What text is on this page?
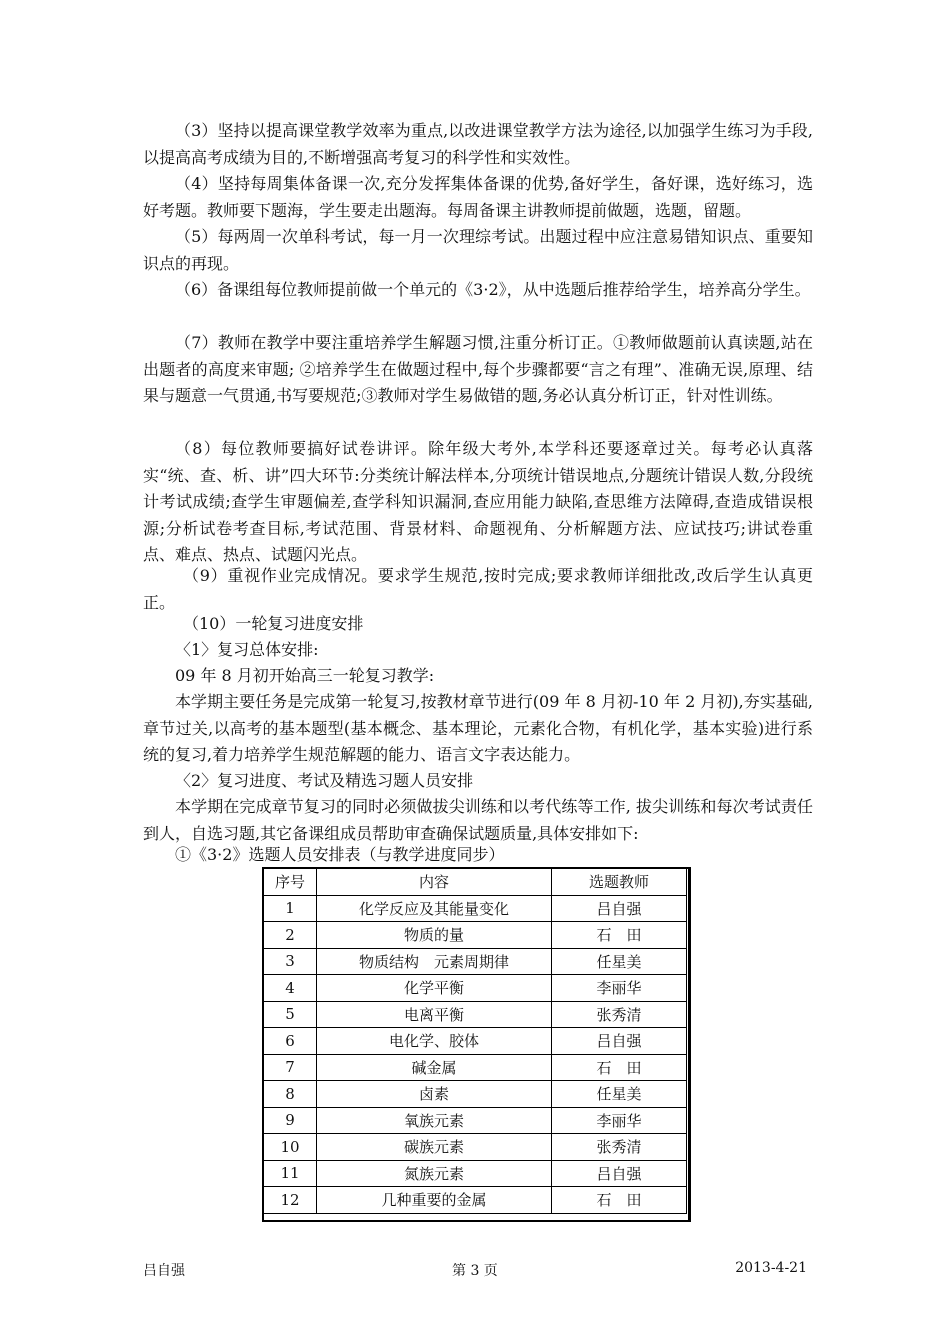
（3）坚持以提高课堂教学效率为重点,以改进课堂教学方法为途径,以加强学生练习为手段,以提高高考成绩为目的,不断增强高考复习的科学性和实效性。

（4）坚持每周集体备课一次,充分发挥集体备课的优势,备好学生，备好课，选好练习，选好考题。教师要下题海，学生要走出题海。每周备课主讲教师提前做题，选题，留题。

（5）每两周一次单科考试，每一月一次理综考试。出题过程中应注意易错知识点、重要知识点的再现。

（6）备课组每位教师提前做一个单元的《3·2》，从中选题后推荐给学生，培养高分学生。

（7）教师在教学中要注重培养学生解题习惯,注重分析订正。①教师做题前认真读题,站在出题者的高度来审题; ②培养学生在做题过程中,每个步骤都要“言之有理”、准确无误,原理、结果与题意一气贯通,书写要规范;③教师对学生易做错的题,务必认真分析订正，针对性训练。

（8）每位教师要搞好试卷讲评。除年级大考外,本学科还要逐章过关。每考必认真落实“统、查、析、讲”四大环节:分类统计解法样本,分项统计错误地点,分题统计错误人数,分段统计考试成绩;查学生审题偏差,查学科知识漏洞,查应用能力缺陷,查思维方法障碍,查造成错误根源;分析试卷考查目标,考试范围、背景材料、命题视角、分析解题方法、应试技巧;讲试卷重点、难点、热点、试题闪光点。

（9）重视作业完成情况。要求学生规范,按时完成;要求教师详细批改,改后学生认真更正。

（10）一轮复习进度安排

〈1〉复习总体安排:

09 年 8 月初开始高三一轮复习教学:

本学期主要任务是完成第一轮复习,按教材章节进行(09 年 8 月初-10 年 2 月初),夯实基础,章节过关,以高考的基本题型(基本概念、基本理论，元素化合物，有机化学，基本实验)进行系统的复习,着力培养学生规范解题的能力、语言文字表达能力。

〈2〉复习进度、考试及精选习题人员安排

本学期在完成章节复习的同时必须做拔尖训练和以考代练等工作, 拔尖训练和每次考试责任到人，自选习题,其它备课组成员帮助审查确保试题质量,具体安排如下:

①《3·2》选题人员安排表（与教学进度同步）

序号	内容	选题教师
1	化学反应及其能量变化	吕自强
2	物质的量	石　田
3	物质结构　元素周期律	任星美
4	化学平衡	李丽华
5	电离平衡	张秀清
6	电化学、胶体	吕自强
7	碱金属	石　田
8	卤素	任星美
9	氧族元素	李丽华
10	碳族元素	张秀清
11	氮族元素	吕自强
12	几种重要的金属	石　田
吕自强	第 3 页	2013-4-21
